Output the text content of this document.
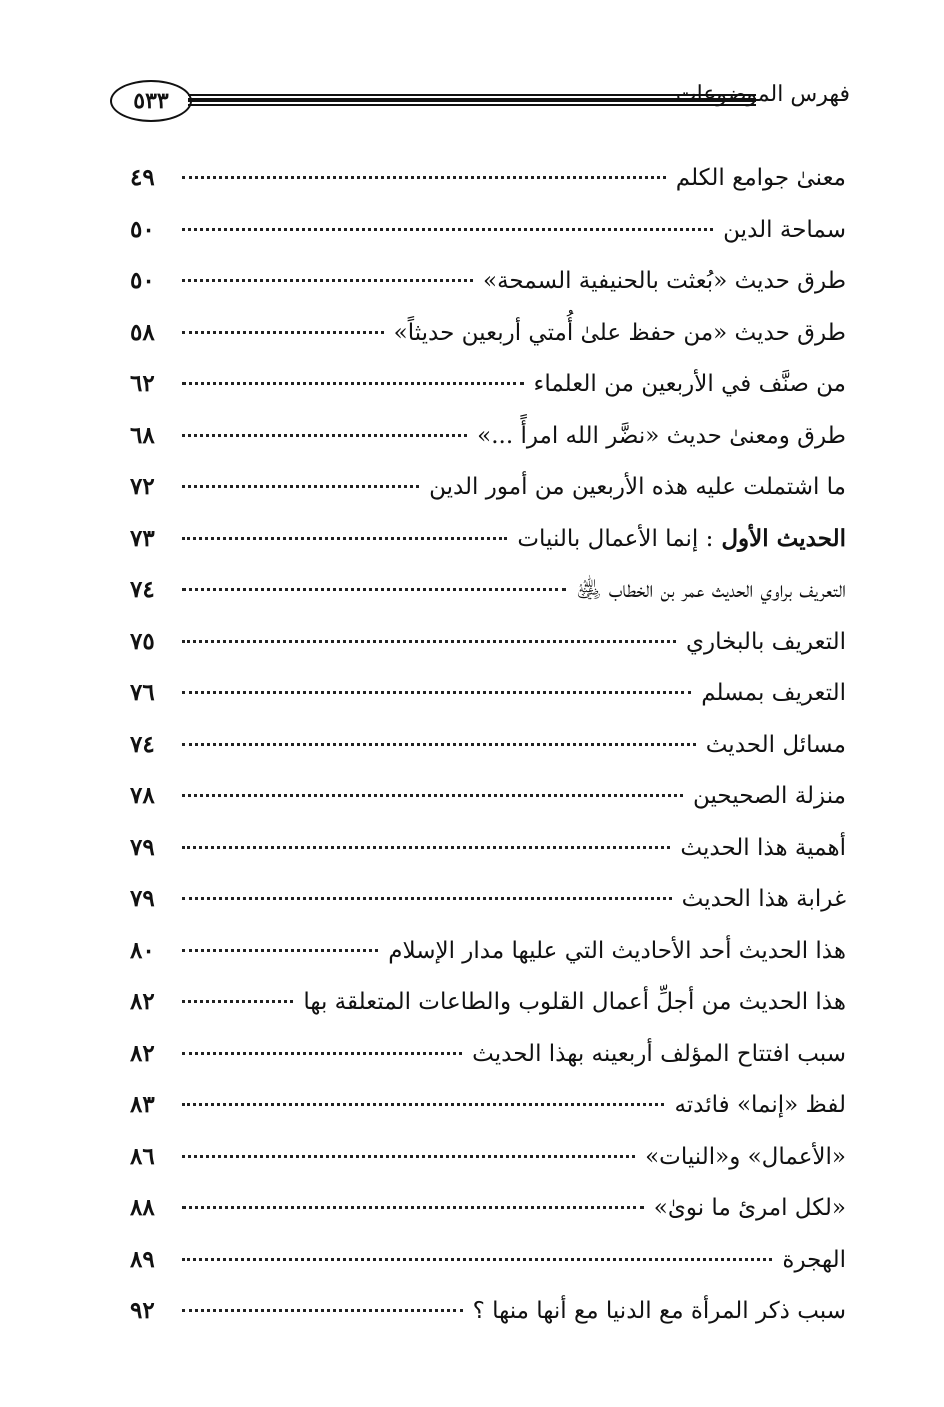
٥٣٣	فهرس الموضوعات
معنىٰ جوامع الكلم
٤٩
سماحة الدين
٥٠
طرق حديث «بُعثت بالحنيفية السمحة»
٥٠
طرق حديث «من حفظ علىٰ أُمتي أربعين حديثاً»
٥٨
من صنَّف في الأربعين من العلماء
٦٢
طرق ومعنىٰ حديث «نضَّر الله امرأً ...»
٦٨
ما اشتملت عليه هذه الأربعين من أمور الدين
٧٢
الحديث الأول : إنما الأعمال بالنيات
٧٣
التعريف براوي الحديث عمر بن الخطاب ﵁
٧٤
التعريف بالبخاري
٧٥
التعريف بمسلم
٧٦
مسائل الحديث
٧٤
منزلة الصحيحين
٧٨
أهمية هذا الحديث
٧٩
غرابة هذا الحديث
٧٩
هذا الحديث أحد الأحاديث التي عليها مدار الإسلام
٨٠
هذا الحديث من أجلِّ أعمال القلوب والطاعات المتعلقة بها
٨٢
سبب افتتاح المؤلف أربعينه بهذا الحديث
٨٢
لفظ «إنما» فائدته
٨٣
«الأعمال» و«النيات»
٨٦
«لكل امرئ ما نوىٰ»
٨٨
الهجرة
٨٩
سبب ذكر المرأة مع الدنيا مع أنها منها ؟
٩٢
